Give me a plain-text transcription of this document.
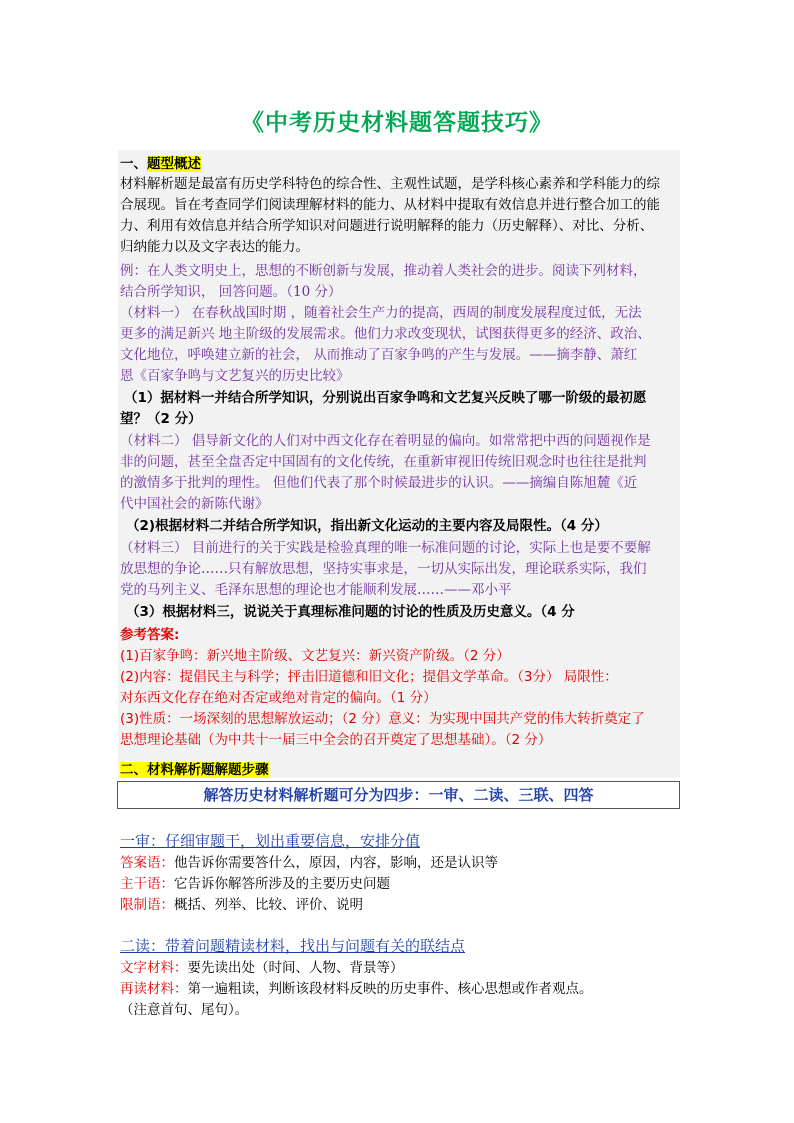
《中考历史材料题答题技巧》
一、题型概述
材料解析题是最富有历史学科特色的综合性、主观性试题，是学科核心素养和学科能力的综
合展现。旨在考查同学们阅读理解材料的能力、从材料中提取有效信息并进行整合加工的能
力、利用有效信息并结合所学知识对问题进行说明解释的能力（历史解释）、对比、分析、
归纳能力以及文字表达的能力。
例：在人类文明史上，思想的不断创新与发展，推动着人类社会的进步。阅读下列材料，
结合所学知识， 回答问题。（10 分）
（材料一） 在春秋战国时期 ，随着社会生产力的提高，西周的制度发展程度过低，无法
更多的满足新兴 地主阶级的发展需求。他们力求改变现状，试图获得更多的经济、政治、
文化地位，呼唤建立新的社会， 从而推动了百家争鸣的产生与发展。——摘李静、萧红
恩《百家争鸣与文艺复兴的历史比较》
（1）据材料一并结合所学知识，分别说出百家争鸣和文艺复兴反映了哪一阶级的最初愿
望？（2 分）
（材料二） 倡导新文化的人们对中西文化存在着明显的偏向。如常常把中西的问题视作是
非的问题，甚至全盘否定中国固有的文化传统，在重新审视旧传统旧观念时也往往是批判
的激情多于批判的理性。 但他们代表了那个时候最进步的认识。——摘编自陈旭麓《近
代中国社会的新陈代谢》
（2)根据材料二并结合所学知识，指出新文化运动的主要内容及局限性。（4 分）
（材料三） 目前进行的关于实践是检验真理的唯一标准问题的讨论，实际上也是要不要解
放思想的争论……只有解放思想，坚持实事求是，一切从实际出发，理论联系实际，我们
党的马列主义、毛泽东思想的理论也才能顺利发展……——邓小平
（3）根据材料三，说说关于真理标准问题的讨论的性质及历史意义。（4 分
参考答案:
(1)百家争鸣：新兴地主阶级、文艺复兴：新兴资产阶级。（2 分）
(2)内容：提倡民主与科学；抨击旧道德和旧文化；提倡文学革命。（3分） 局限性：
对东西文化存在绝对否定或绝对肯定的偏向。（1 分）
(3)性质：一场深刻的思想解放运动；（2 分）意义：为实现中国共产党的伟大转折奠定了
思想理论基础（为中共十一届三中全会的召开奠定了思想基础）。（2 分）
二、材料解析题解题步骤
解答历史材料解析题可分为四步：一审、二读、三联、四答
一审：仔细审题干，划出重要信息，安排分值
答案语：他告诉你需要答什么，原因，内容，影响，还是认识等
主干语：它告诉你解答所涉及的主要历史问题
限制语：概括、列举、比较、评价、说明
二读：带着问题精读材料，找出与问题有关的联结点
文字材料：要先读出处（时间、人物、背景等）
再读材料：第一遍粗读，判断该段材料反映的历史事件、核心思想或作者观点。
（注意首句、尾句）。
